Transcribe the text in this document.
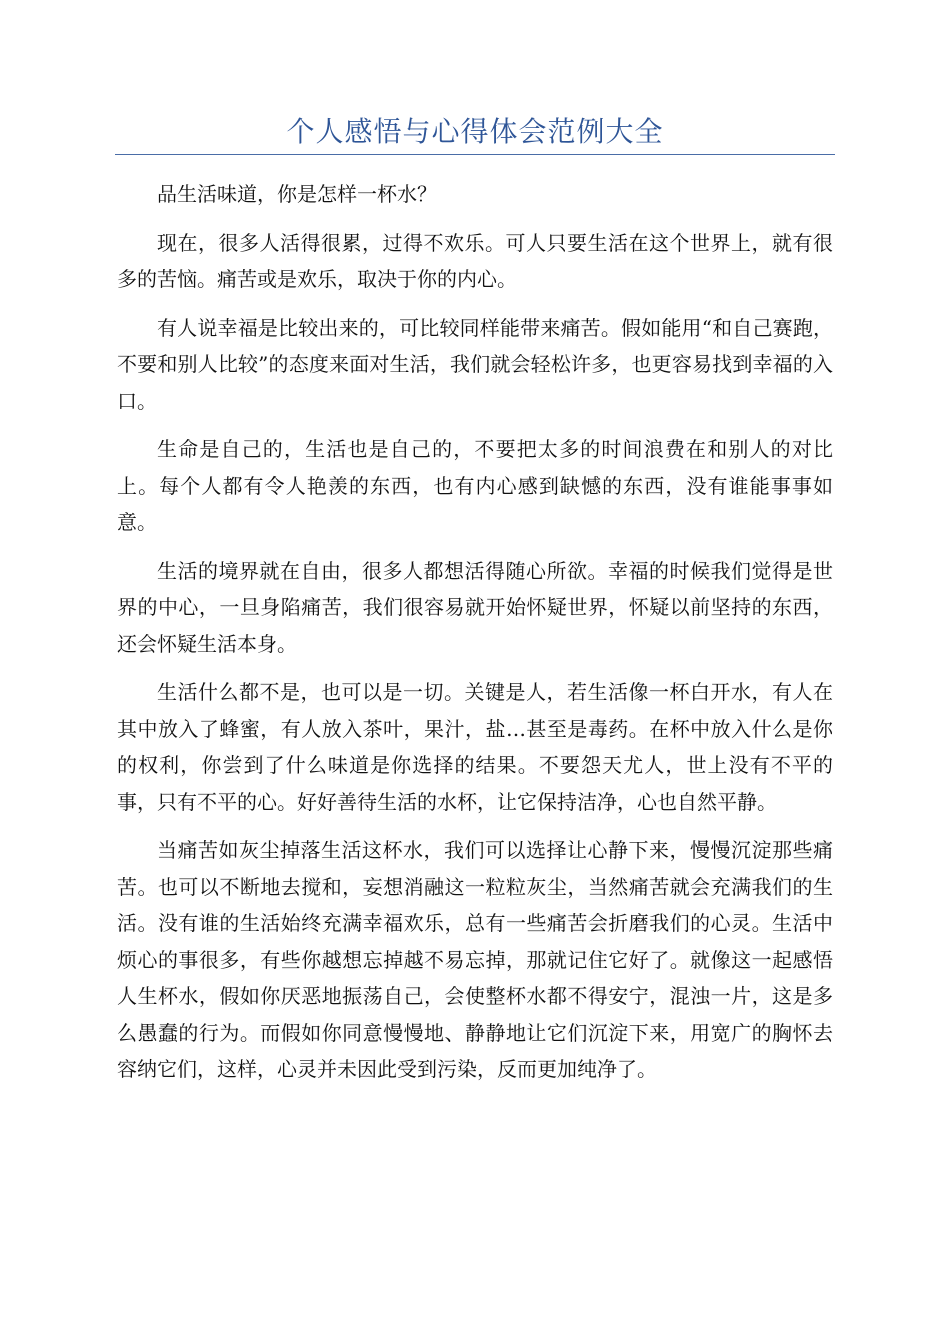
个人感悟与心得体会范例大全

品生活味道，你是怎样一杯水？

现在，很多人活得很累，过得不欢乐。可人只要生活在这个世界上，就有很多的苦恼。痛苦或是欢乐，取决于你的内心。

有人说幸福是比较出来的，可比较同样能带来痛苦。假如能用“和自己赛跑，不要和别人比较”的态度来面对生活，我们就会轻松许多，也更容易找到幸福的入口。

生命是自己的，生活也是自己的，不要把太多的时间浪费在和别人的对比上。每个人都有令人艳羡的东西，也有内心感到缺憾的东西，没有谁能事事如意。

生活的境界就在自由，很多人都想活得随心所欲。幸福的时候我们觉得是世界的中心，一旦身陷痛苦，我们很容易就开始怀疑世界，怀疑以前坚持的东西，还会怀疑生活本身。

生活什么都不是，也可以是一切。关键是人，若生活像一杯白开水，有人在其中放入了蜂蜜，有人放入茶叶，果汁，盐…甚至是毒药。在杯中放入什么是你的权利，你尝到了什么味道是你选择的结果。不要怨天尤人，世上没有不平的事，只有不平的心。好好善待生活的水杯，让它保持洁净，心也自然平静。

当痛苦如灰尘掉落生活这杯水，我们可以选择让心静下来，慢慢沉淀那些痛苦。也可以不断地去搅和，妄想消融这一粒粒灰尘，当然痛苦就会充满我们的生活。没有谁的生活始终充满幸福欢乐，总有一些痛苦会折磨我们的心灵。生活中烦心的事很多，有些你越想忘掉越不易忘掉，那就记住它好了。就像这一起感悟人生杯水，假如你厌恶地振荡自己，会使整杯水都不得安宁，混浊一片，这是多么愚蠢的行为。而假如你同意慢慢地、静静地让它们沉淀下来，用宽广的胸怀去容纳它们，这样，心灵并未因此受到污染，反而更加纯净了。
